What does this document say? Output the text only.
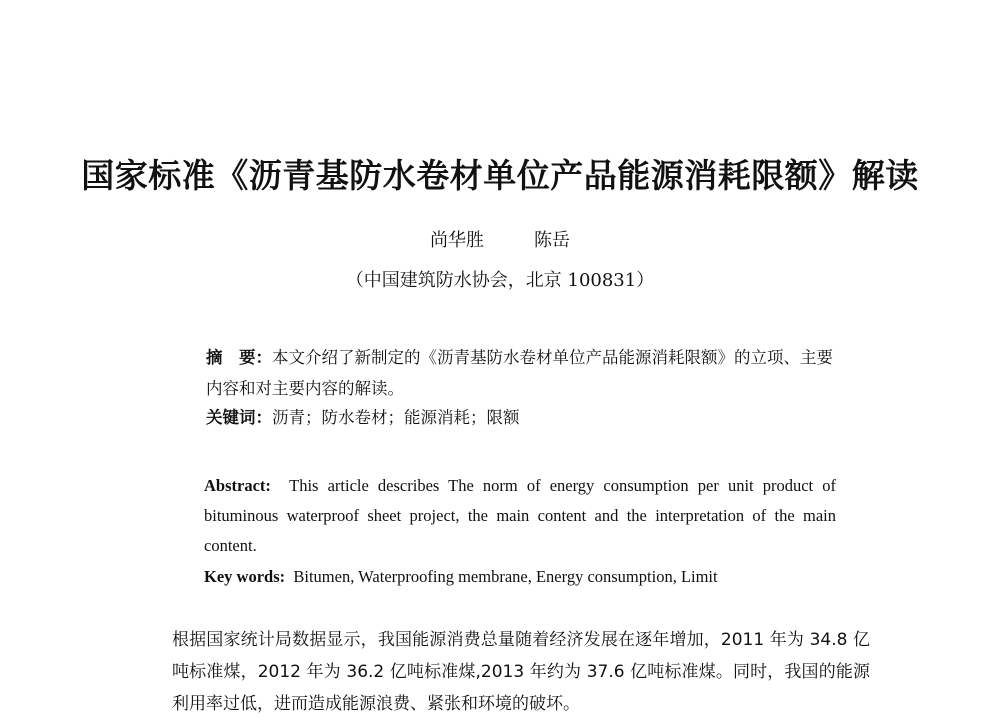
国家标准《沥青基防水卷材单位产品能源消耗限额》解读
尚华胜	陈岳
（中国建筑防水协会，北京 100831）
摘　要：本文介绍了新制定的《沥青基防水卷材单位产品能源消耗限额》的立项、主要内容和对主要内容的解读。
关键词：沥青；防水卷材；能源消耗；限额
Abstract: This article describes The norm of energy consumption per unit product of bituminous waterproof sheet project, the main content and the interpretation of the main content.
Key words: Bitumen, Waterproofing membrane, Energy consumption, Limit
根据国家统计局数据显示，我国能源消费总量随着经济发展在逐年增加，2011 年为 34.8 亿吨标准煤，2012 年为 36.2 亿吨标准煤,2013 年约为 37.6 亿吨标准煤。同时，我国的能源利用率过低，进而造成能源浪费、紧张和环境的破坏。
